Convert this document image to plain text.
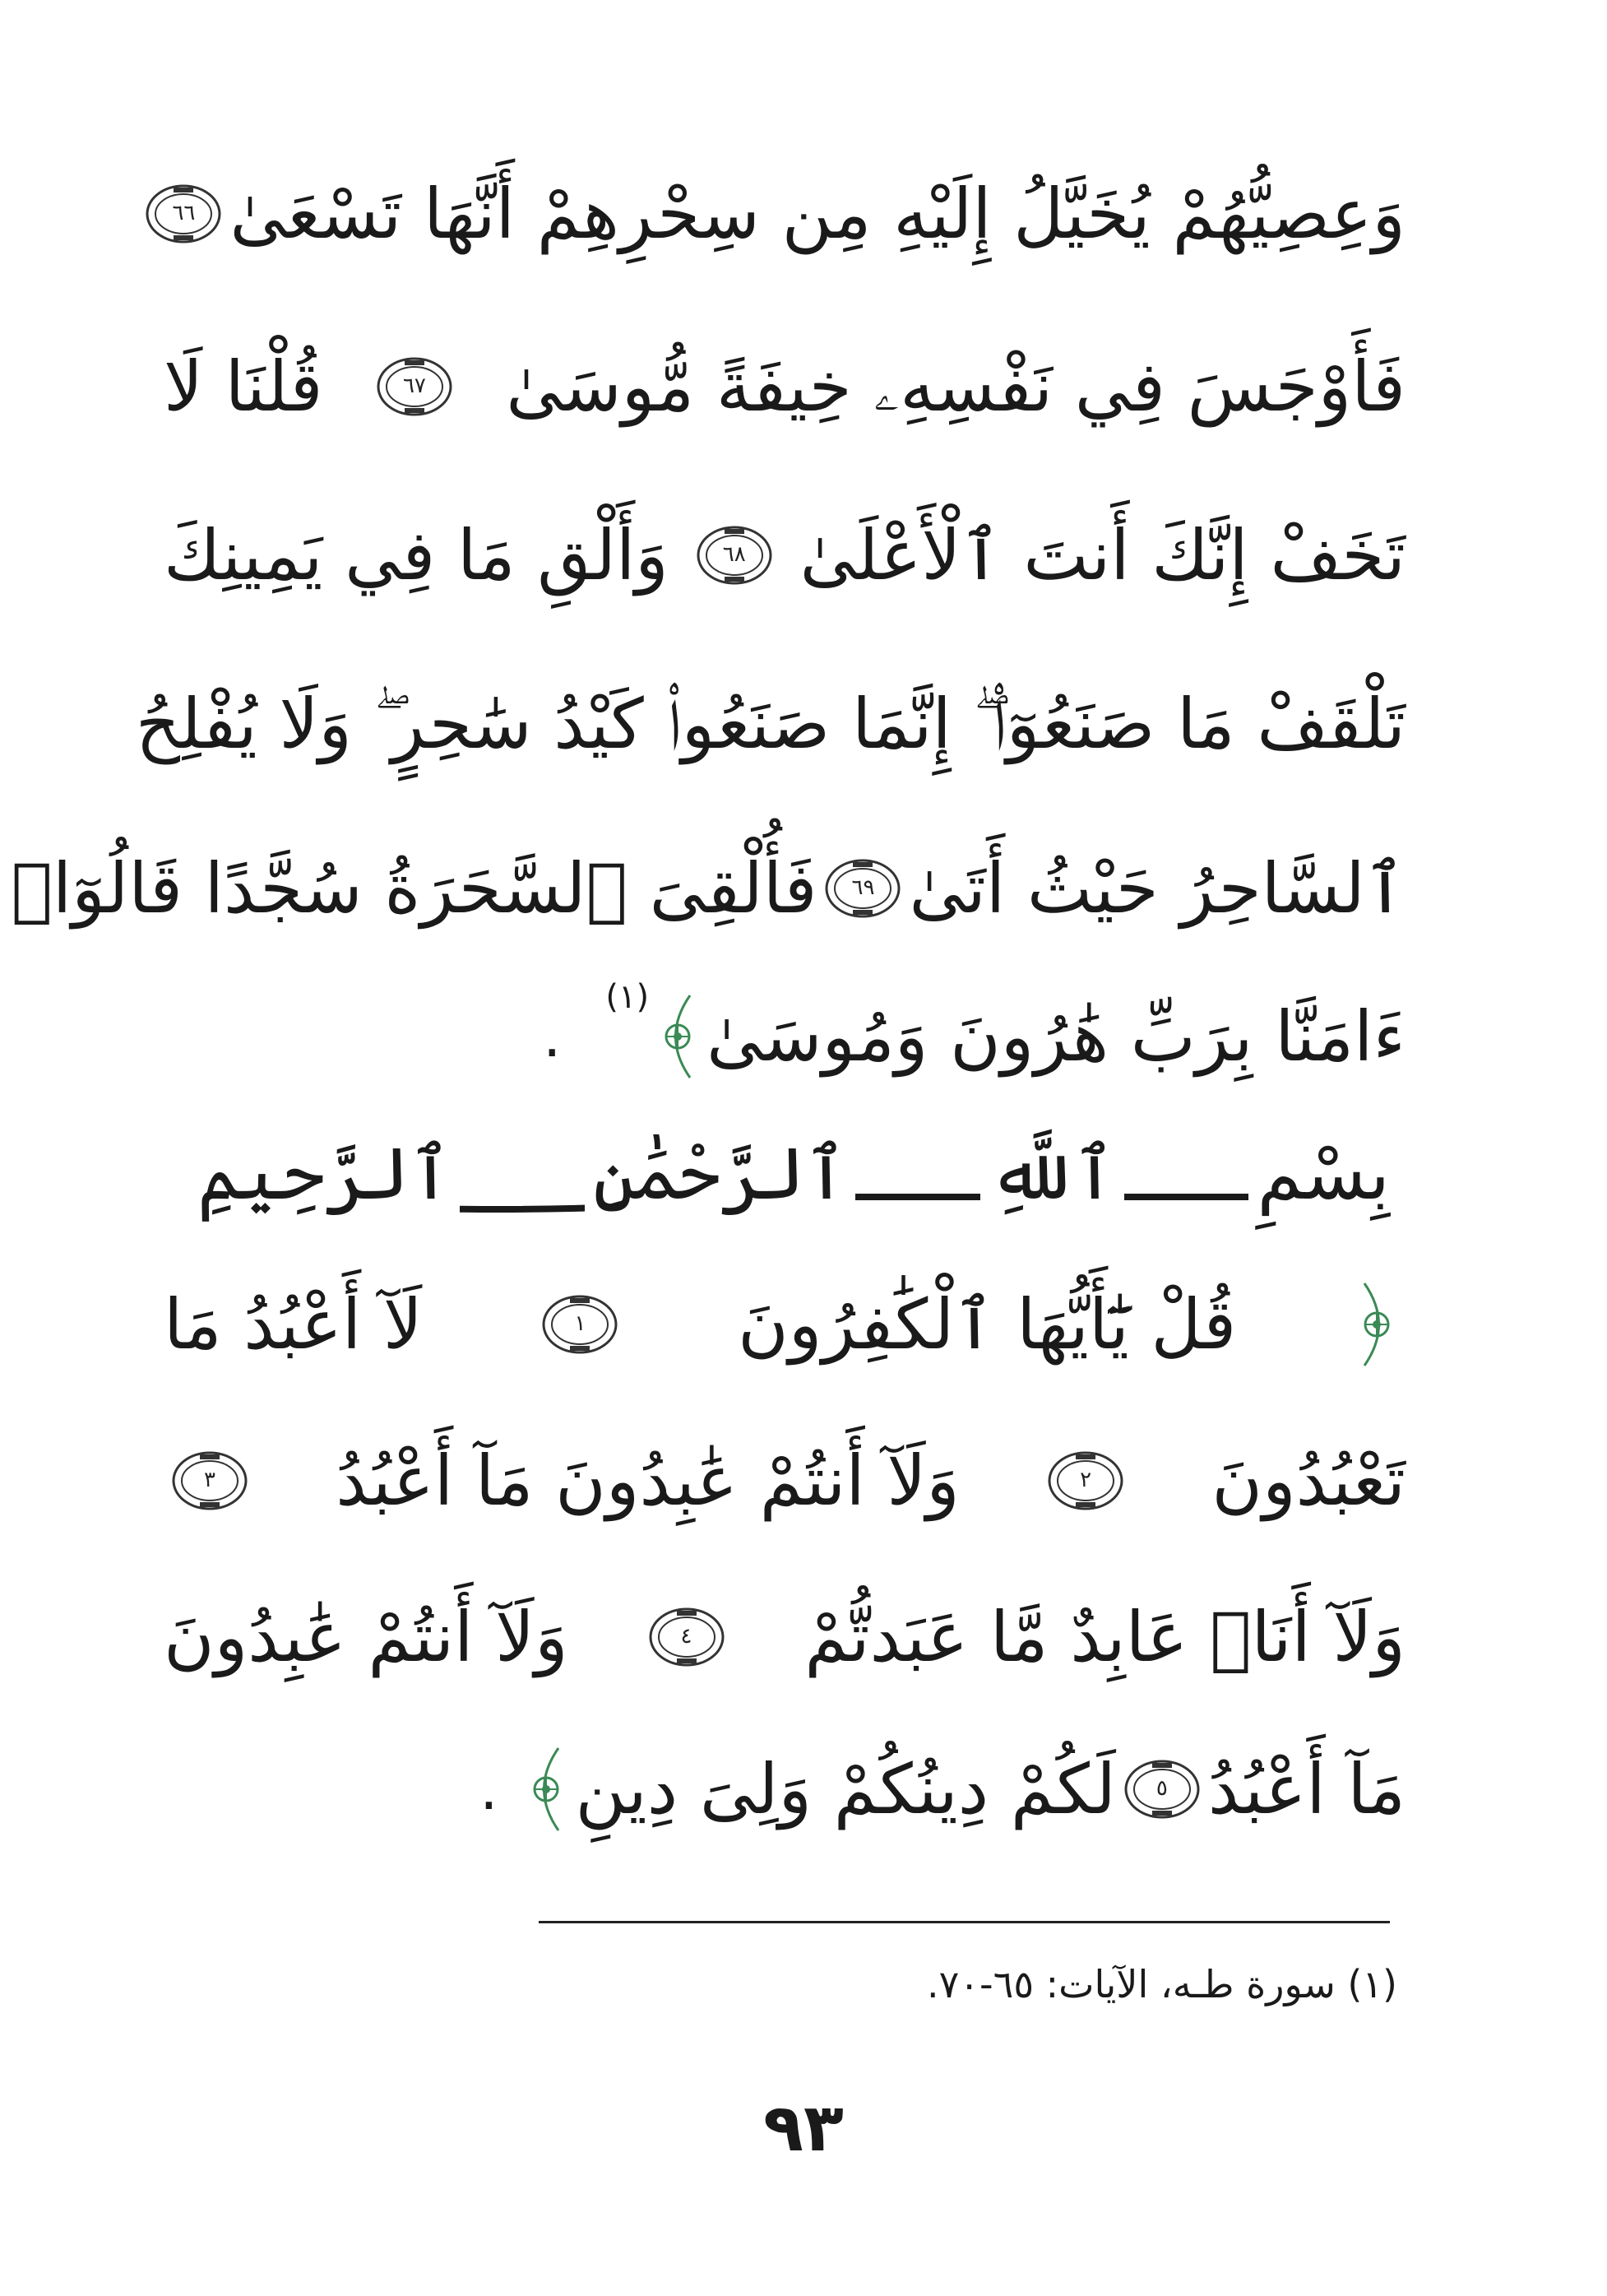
وَعِصِيُّهُمْ يُخَيَّلُ إِلَيْهِ مِن سِحْرِهِمْ أَنَّهَا تَسْعَىٰ
٦٦
فَأَوْجَسَ فِي نَفْسِهِۦ خِيفَةً مُّوسَىٰ
٦٧
قُلْنَا لَا
تَخَفْ إِنَّكَ أَنتَ ٱلْأَعْلَىٰ
٦٨
وَأَلْقِ مَا فِي يَمِينِكَ
تَلْقَفْ مَا صَنَعُوٓا۟ ۖ إِنَّمَا صَنَعُوا۟ كَيْدُ سَٰحِرٍ ۖ وَلَا يُفْلِحُ
ٱلسَّاحِرُ حَيْثُ أَتَىٰ
٦٩
فَأُلْقِىَ ٱلسَّحَرَةُ سُجَّدًا قَالُوٓا۟
ءَامَنَّا بِرَبِّ هَٰرُونَ وَمُوسَىٰ
(١)
.
بِسْمِ
ٱللَّهِ
ٱلرَّحْمَٰنِ
ٱلرَّحِيمِ
قُلْ يَٰٓأَيُّهَا ٱلْكَٰفِرُونَ
١
لَآ أَعْبُدُ مَا
تَعْبُدُونَ
٢
وَلَآ أَنتُمْ عَٰبِدُونَ مَآ أَعْبُدُ
٣
وَلَآ أَنَا۠ عَابِدٌ مَّا عَبَدتُّمْ
٤
وَلَآ أَنتُمْ عَٰبِدُونَ
مَآ أَعْبُدُ
٥
لَكُمْ دِينُكُمْ وَلِىَ دِينِ
.
(١) سورة طـه، الآيات: ٦٥-٧٠.
٩٣
